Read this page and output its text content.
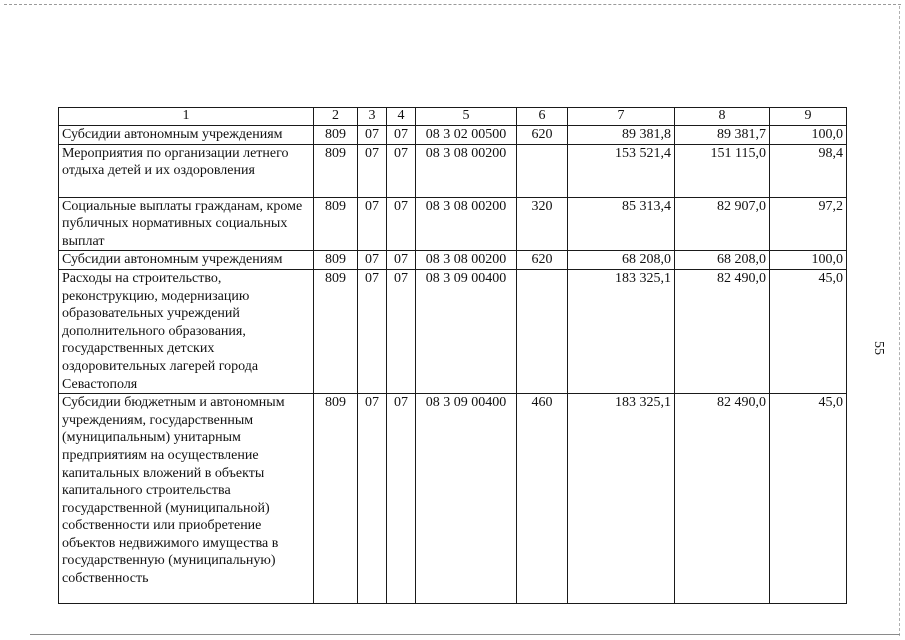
1	2	3	4	5	6	7	8	9
Субсидии автономным учреждениям	809	07	07	08 3 02 00500	620	89 381,8	89 381,7	100,0
Мероприятия по организации летнего отдыха детей и их оздоровления	809	07	07	08 3 08 00200		153 521,4	151 115,0	98,4
Социальные выплаты гражданам, кроме публичных нормативных социальных выплат	809	07	07	08 3 08 00200	320	85 313,4	82 907,0	97,2
Субсидии автономным учреждениям	809	07	07	08 3 08 00200	620	68 208,0	68 208,0	100,0
Расходы на строительство, реконструкцию, модернизацию образовательных учреждений дополнительного образования, государственных детских оздоровительных лагерей города Севастополя	809	07	07	08 3 09 00400		183 325,1	82 490,0	45,0
Субсидии бюджетным и автономным учреждениям, государственным (муниципальным) унитарным предприятиям на осуществление капитальных вложений в объекты капитального строительства государственной (муниципальной) собственности или приобретение объектов недвижимого имущества в государственную (муниципальную) собственность	809	07	07	08 3 09 00400	460	183 325,1	82 490,0	45,0
55
